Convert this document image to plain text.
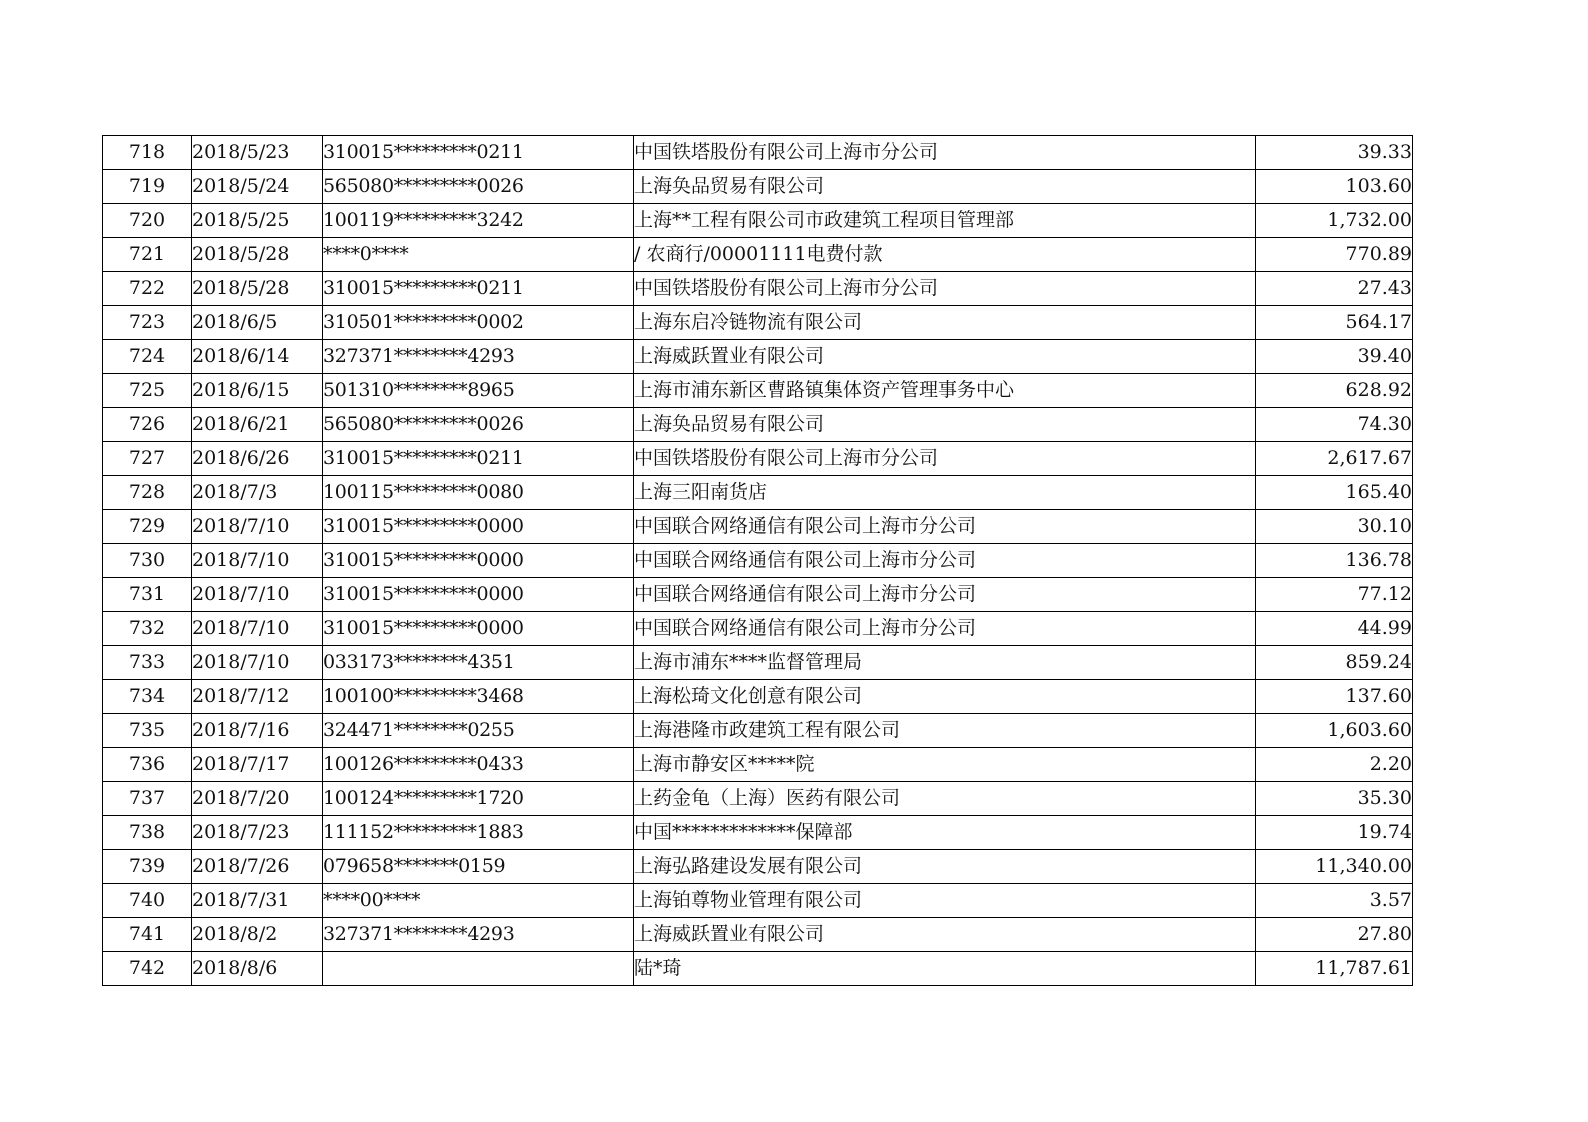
718	2018/5/23	310015*********0211	中国铁塔股份有限公司上海市分公司	39.33
719	2018/5/24	565080*********0026	上海奂品贸易有限公司	103.60
720	2018/5/25	100119*********3242	上海**工程有限公司市政建筑工程项目管理部	1,732.00
721	2018/5/28	****0****	/ 农商行/00001111电费付款	770.89
722	2018/5/28	310015*********0211	中国铁塔股份有限公司上海市分公司	27.43
723	2018/6/5	310501*********0002	上海东启冷链物流有限公司	564.17
724	2018/6/14	327371********4293	上海威跃置业有限公司	39.40
725	2018/6/15	501310********8965	上海市浦东新区曹路镇集体资产管理事务中心	628.92
726	2018/6/21	565080*********0026	上海奂品贸易有限公司	74.30
727	2018/6/26	310015*********0211	中国铁塔股份有限公司上海市分公司	2,617.67
728	2018/7/3	100115*********0080	上海三阳南货店	165.40
729	2018/7/10	310015*********0000	中国联合网络通信有限公司上海市分公司	30.10
730	2018/7/10	310015*********0000	中国联合网络通信有限公司上海市分公司	136.78
731	2018/7/10	310015*********0000	中国联合网络通信有限公司上海市分公司	77.12
732	2018/7/10	310015*********0000	中国联合网络通信有限公司上海市分公司	44.99
733	2018/7/10	033173********4351	上海市浦东****监督管理局	859.24
734	2018/7/12	100100*********3468	上海松琦文化创意有限公司	137.60
735	2018/7/16	324471********0255	上海港隆市政建筑工程有限公司	1,603.60
736	2018/7/17	100126*********0433	上海市静安区*****院	2.20
737	2018/7/20	100124*********1720	上药金龟（上海）医药有限公司	35.30
738	2018/7/23	111152*********1883	中国*************保障部	19.74
739	2018/7/26	079658*******0159	上海弘路建设发展有限公司	11,340.00
740	2018/7/31	****00****	上海铂尊物业管理有限公司	3.57
741	2018/8/2	327371********4293	上海威跃置业有限公司	27.80
742	2018/8/6		陆*琦	11,787.61
